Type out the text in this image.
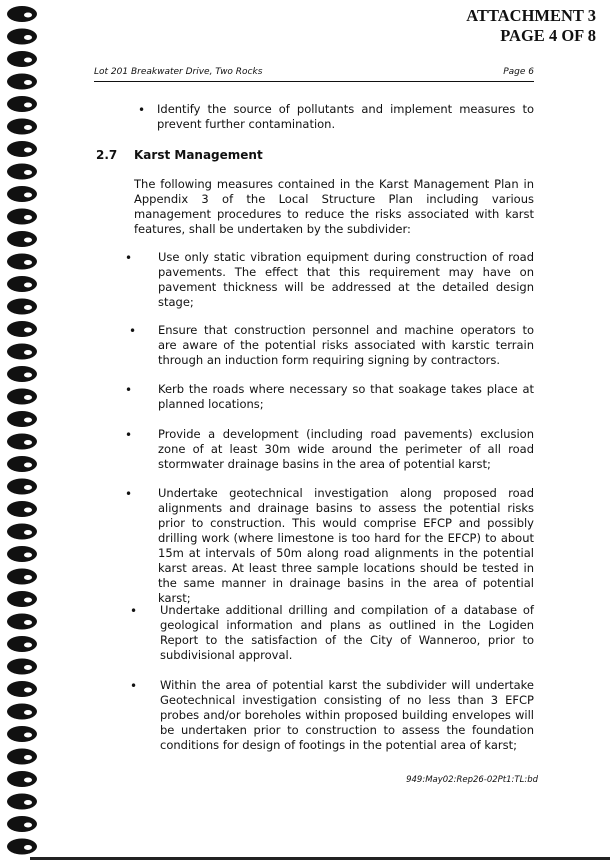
ATTACHMENT 3
PAGE 4 OF 8
Lot 201 Breakwater Drive, Two Rocks	Page 6
• Identify the source of pollutants and implement measures to prevent further contamination.
2.7 Karst Management
The following measures contained in the Karst Management Plan in Appendix 3 of the Local Structure Plan including various management procedures to reduce the risks associated with karst features, shall be undertaken by the subdivider:
• Use only static vibration equipment during construction of road pavements. The effect that this requirement may have on pavement thickness will be addressed at the detailed design stage;
• Ensure that construction personnel and machine operators to are aware of the potential risks associated with karstic terrain through an induction form requiring signing by contractors.
• Kerb the roads where necessary so that soakage takes place at planned locations;
• Provide a development (including road pavements) exclusion zone of at least 30m wide around the perimeter of all road stormwater drainage basins in the area of potential karst;
• Undertake geotechnical investigation along proposed road alignments and drainage basins to assess the potential risks prior to construction. This would comprise EFCP and possibly drilling work (where limestone is too hard for the EFCP) to about 15m at intervals of 50m along road alignments in the potential karst areas. At least three sample locations should be tested in the same manner in drainage basins in the area of potential karst;
• Undertake additional drilling and compilation of a database of geological information and plans as outlined in the Logiden Report to the satisfaction of the City of Wanneroo, prior to subdivisional approval.
• Within the area of potential karst the subdivider will undertake Geotechnical investigation consisting of no less than 3 EFCP probes and/or boreholes within proposed building envelopes will be undertaken prior to construction to assess the foundation conditions for design of footings in the potential area of karst;
949:May02:Rep26-02Pt1:TL:bd
